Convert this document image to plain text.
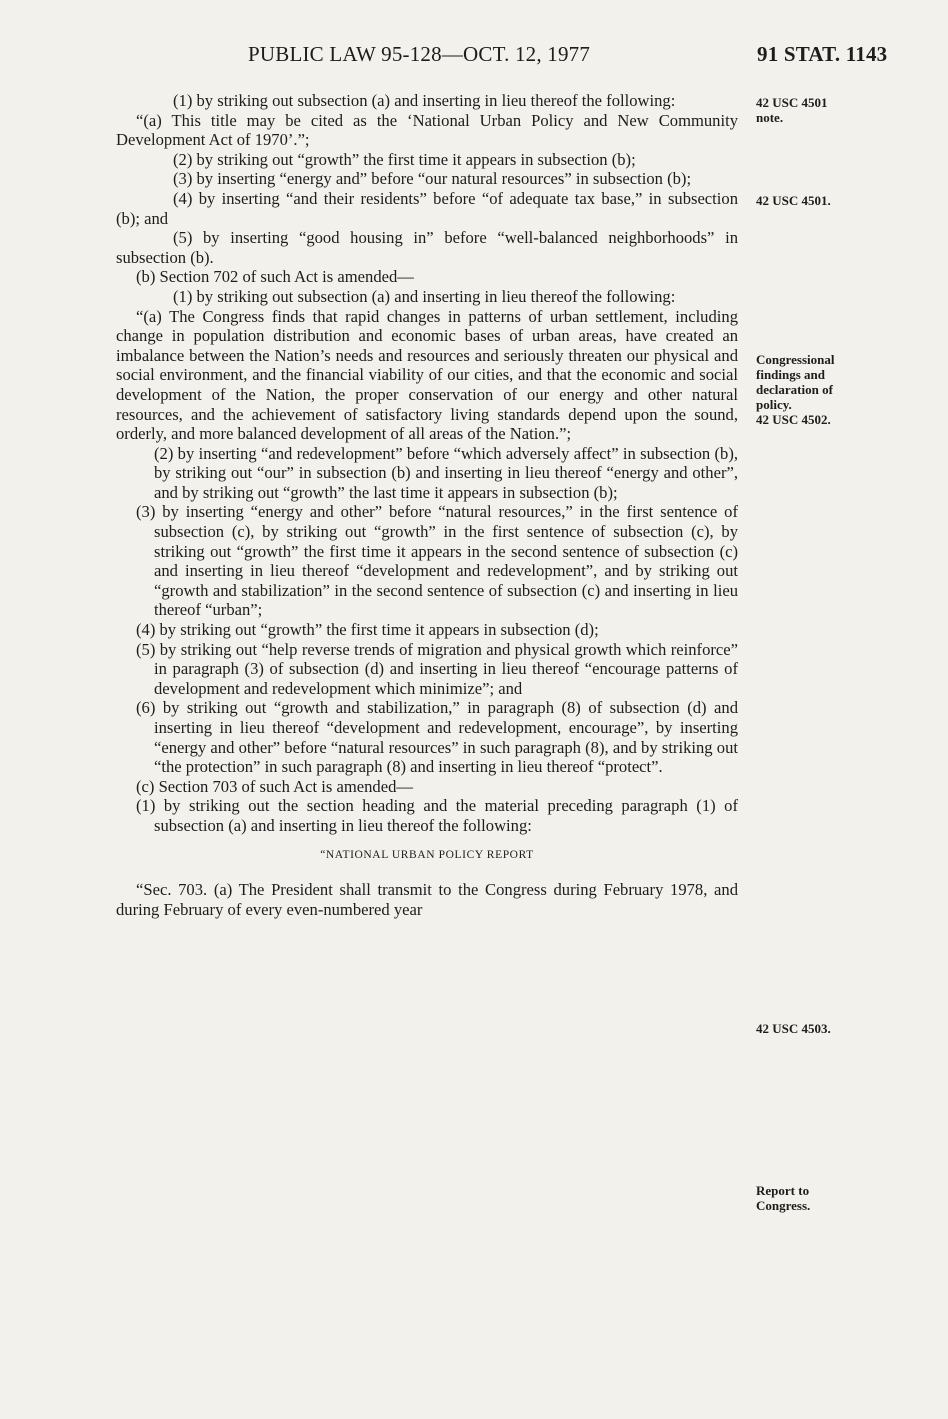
PUBLIC LAW 95-128—OCT. 12, 1977	91 STAT. 1143

(1) by striking out subsection (a) and inserting in lieu thereof the following:

“(a) This title may be cited as the ‘National Urban Policy and New Community Development Act of 1970’.”;

(2) by striking out “growth” the first time it appears in subsection (b);

(3) by inserting “energy and” before “our natural resources” in subsection (b);

(4) by inserting “and their residents” before “of adequate tax base,” in subsection (b); and

(5) by inserting “good housing in” before “well-balanced neighborhoods” in subsection (b).

(b) Section 702 of such Act is amended—

(1) by striking out subsection (a) and inserting in lieu thereof the following:

“(a) The Congress finds that rapid changes in patterns of urban settlement, including change in population distribution and economic bases of urban areas, have created an imbalance between the Nation’s needs and resources and seriously threaten our physical and social environment, and the financial viability of our cities, and that the economic and social development of the Nation, the proper conservation of our energy and other natural resources, and the achievement of satisfactory living standards depend upon the sound, orderly, and more balanced development of all areas of the Nation.”;

(2) by inserting “and redevelopment” before “which adversely affect” in subsection (b), by striking out “our” in subsection (b) and inserting in lieu thereof “energy and other”, and by striking out “growth” the last time it appears in subsection (b);

(3) by inserting “energy and other” before “natural resources,” in the first sentence of subsection (c), by striking out “growth” in the first sentence of subsection (c), by striking out “growth” the first time it appears in the second sentence of subsection (c) and inserting in lieu thereof “development and redevelopment”, and by striking out “growth and stabilization” in the second sentence of subsection (c) and inserting in lieu thereof “urban”;

(4) by striking out “growth” the first time it appears in subsection (d);

(5) by striking out “help reverse trends of migration and physical growth which reinforce” in paragraph (3) of subsection (d) and inserting in lieu thereof “encourage patterns of development and redevelopment which minimize”; and

(6) by striking out “growth and stabilization,” in paragraph (8) of subsection (d) and inserting in lieu thereof “development and redevelopment, encourage”, by inserting “energy and other” before “natural resources” in such paragraph (8), and by striking out “the protection” in such paragraph (8) and inserting in lieu thereof “protect”.

(c) Section 703 of such Act is amended—

(1) by striking out the section heading and the material preceding paragraph (1) of subsection (a) and inserting in lieu thereof the following:

“NATIONAL URBAN POLICY REPORT

“Sec. 703. (a) The President shall transmit to the Congress during February 1978, and during February of every even-numbered year

42 USC 4501 note.
42 USC 4501.
Congressional findings and declaration of policy.
42 USC 4502.
42 USC 4503.
Report to Congress.
